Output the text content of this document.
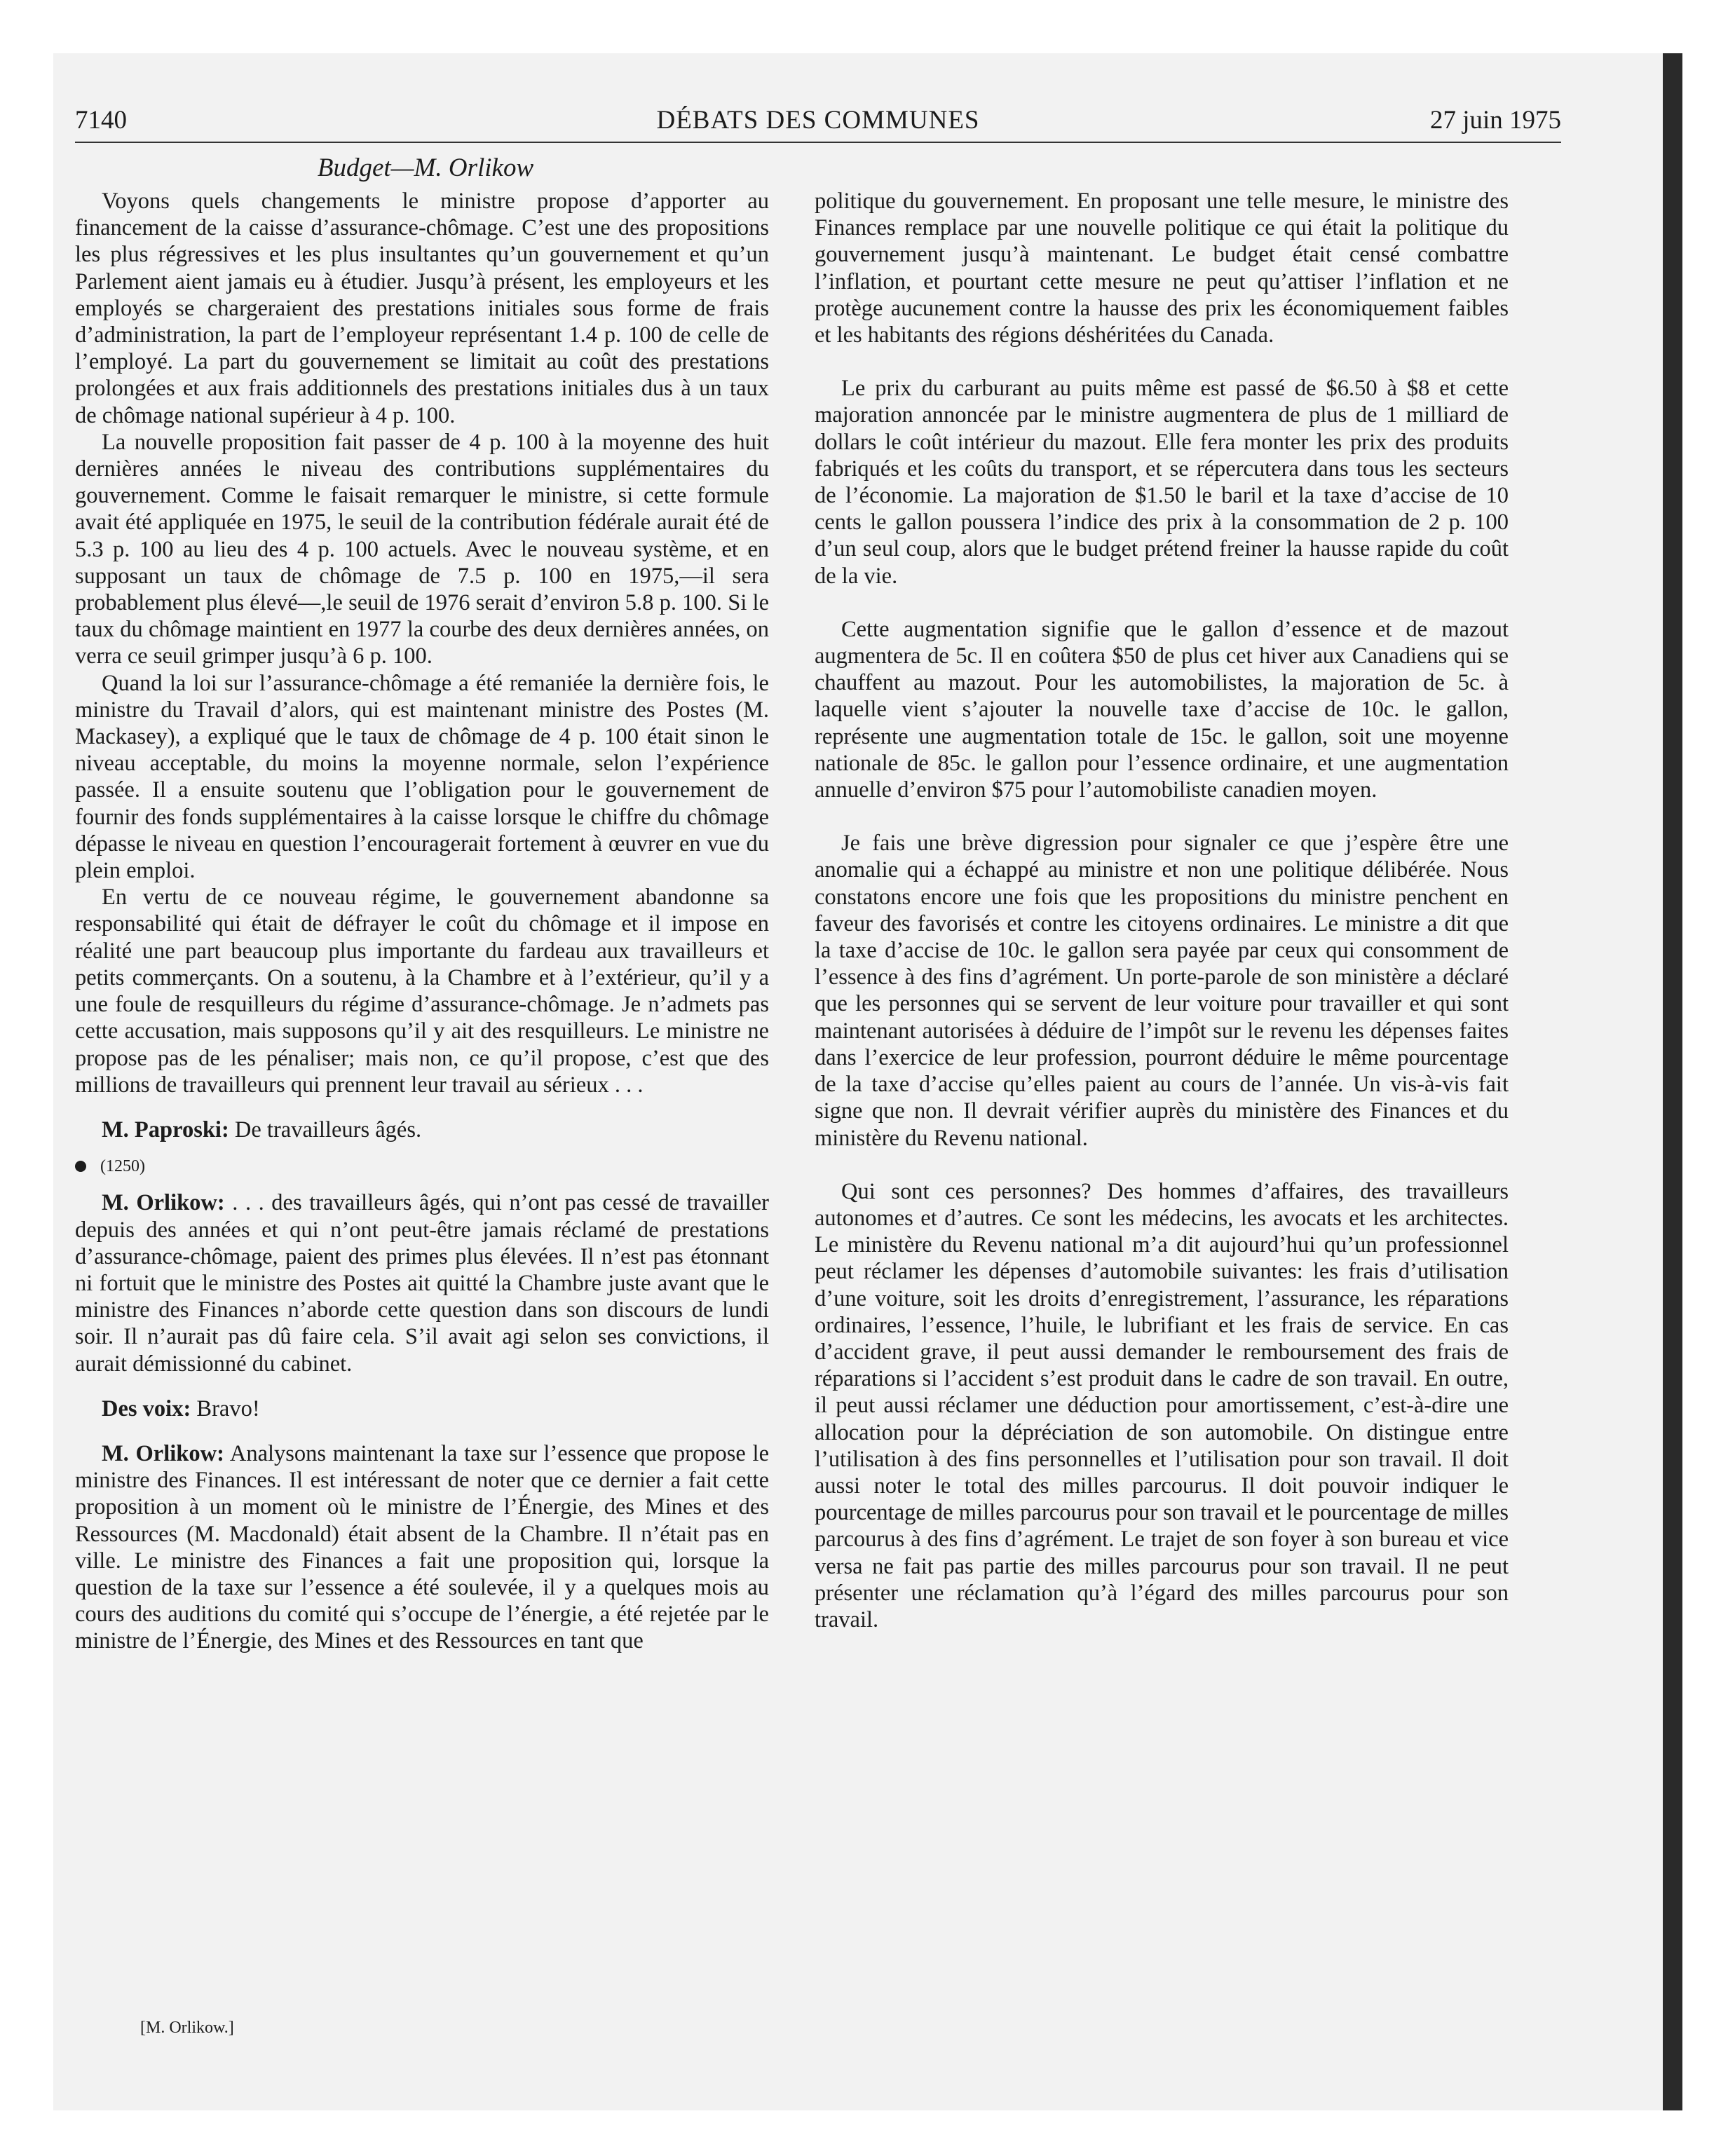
7140	DÉBATS DES COMMUNES	27 juin 1975
Budget—M. Orlikow

Voyons quels changements le ministre propose d’apporter au financement de la caisse d’assurance-chômage. C’est une des propositions les plus régressives et les plus insultantes qu’un gouvernement et qu’un Parlement aient jamais eu à étudier. Jusqu’à présent, les employeurs et les employés se chargeraient des prestations initiales sous forme de frais d’administration, la part de l’employeur représentant 1.4 p. 100 de celle de l’employé. La part du gouvernement se limitait au coût des prestations prolongées et aux frais additionnels des prestations initiales dus à un taux de chômage national supérieur à 4 p. 100.

La nouvelle proposition fait passer de 4 p. 100 à la moyenne des huit dernières années le niveau des contributions supplémentaires du gouvernement. Comme le faisait remarquer le ministre, si cette formule avait été appliquée en 1975, le seuil de la contribution fédérale aurait été de 5.3 p. 100 au lieu des 4 p. 100 actuels. Avec le nouveau système, et en supposant un taux de chômage de 7.5 p. 100 en 1975,—il sera probablement plus élevé—,le seuil de 1976 serait d’environ 5.8 p. 100. Si le taux du chômage maintient en 1977 la courbe des deux dernières années, on verra ce seuil grimper jusqu’à 6 p. 100.

Quand la loi sur l’assurance-chômage a été remaniée la dernière fois, le ministre du Travail d’alors, qui est maintenant ministre des Postes (M. Mackasey), a expliqué que le taux de chômage de 4 p. 100 était sinon le niveau acceptable, du moins la moyenne normale, selon l’expérience passée. Il a ensuite soutenu que l’obligation pour le gouvernement de fournir des fonds supplémentaires à la caisse lorsque le chiffre du chômage dépasse le niveau en question l’encouragerait fortement à œuvrer en vue du plein emploi.

En vertu de ce nouveau régime, le gouvernement abandonne sa responsabilité qui était de défrayer le coût du chômage et il impose en réalité une part beaucoup plus importante du fardeau aux travailleurs et petits commerçants. On a soutenu, à la Chambre et à l’extérieur, qu’il y a une foule de resquilleurs du régime d’assurance-chômage. Je n’admets pas cette accusation, mais supposons qu’il y ait des resquilleurs. Le ministre ne propose pas de les pénaliser; mais non, ce qu’il propose, c’est que des millions de travailleurs qui prennent leur travail au sérieux . . .

M. Paproski: De travailleurs âgés.

(1250)

M. Orlikow: . . . des travailleurs âgés, qui n’ont pas cessé de travailler depuis des années et qui n’ont peut-être jamais réclamé de prestations d’assurance-chômage, paient des primes plus élevées. Il n’est pas étonnant ni fortuit que le ministre des Postes ait quitté la Chambre juste avant que le ministre des Finances n’aborde cette question dans son discours de lundi soir. Il n’aurait pas dû faire cela. S’il avait agi selon ses convictions, il aurait démissionné du cabinet.

Des voix: Bravo!

M. Orlikow: Analysons maintenant la taxe sur l’essence que propose le ministre des Finances. Il est intéressant de noter que ce dernier a fait cette proposition à un moment où le ministre de l’Énergie, des Mines et des Ressources (M. Macdonald) était absent de la Chambre. Il n’était pas en ville. Le ministre des Finances a fait une proposition qui, lorsque la question de la taxe sur l’essence a été soulevée, il y a quelques mois au cours des auditions du comité qui s’occupe de l’énergie, a été rejetée par le ministre de l’Énergie, des Mines et des Ressources en tant que

[M. Orlikow.]

politique du gouvernement. En proposant une telle mesure, le ministre des Finances remplace par une nouvelle politique ce qui était la politique du gouvernement jusqu’à maintenant. Le budget était censé combattre l’inflation, et pourtant cette mesure ne peut qu’attiser l’inflation et ne protège aucunement contre la hausse des prix les économiquement faibles et les habitants des régions déshéritées du Canada.

Le prix du carburant au puits même est passé de $6.50 à $8 et cette majoration annoncée par le ministre augmentera de plus de 1 milliard de dollars le coût intérieur du mazout. Elle fera monter les prix des produits fabriqués et les coûts du transport, et se répercutera dans tous les secteurs de l’économie. La majoration de $1.50 le baril et la taxe d’accise de 10 cents le gallon poussera l’indice des prix à la consommation de 2 p. 100 d’un seul coup, alors que le budget prétend freiner la hausse rapide du coût de la vie.

Cette augmentation signifie que le gallon d’essence et de mazout augmentera de 5c. Il en coûtera $50 de plus cet hiver aux Canadiens qui se chauffent au mazout. Pour les automobilistes, la majoration de 5c. à laquelle vient s’ajouter la nouvelle taxe d’accise de 10c. le gallon, représente une augmentation totale de 15c. le gallon, soit une moyenne nationale de 85c. le gallon pour l’essence ordinaire, et une augmentation annuelle d’environ $75 pour l’automobiliste canadien moyen.

Je fais une brève digression pour signaler ce que j’espère être une anomalie qui a échappé au ministre et non une politique délibérée. Nous constatons encore une fois que les propositions du ministre penchent en faveur des favorisés et contre les citoyens ordinaires. Le ministre a dit que la taxe d’accise de 10c. le gallon sera payée par ceux qui consomment de l’essence à des fins d’agrément. Un porte-parole de son ministère a déclaré que les personnes qui se servent de leur voiture pour travailler et qui sont maintenant autorisées à déduire de l’impôt sur le revenu les dépenses faites dans l’exercice de leur profession, pourront déduire le même pourcentage de la taxe d’accise qu’elles paient au cours de l’année. Un vis-à-vis fait signe que non. Il devrait vérifier auprès du ministère des Finances et du ministère du Revenu national.

Qui sont ces personnes? Des hommes d’affaires, des travailleurs autonomes et d’autres. Ce sont les médecins, les avocats et les architectes. Le ministère du Revenu national m’a dit aujourd’hui qu’un professionnel peut réclamer les dépenses d’automobile suivantes: les frais d’utilisation d’une voiture, soit les droits d’enregistrement, l’assurance, les réparations ordinaires, l’essence, l’huile, le lubrifiant et les frais de service. En cas d’accident grave, il peut aussi demander le remboursement des frais de réparations si l’accident s’est produit dans le cadre de son travail. En outre, il peut aussi réclamer une déduction pour amortissement, c’est-à-dire une allocation pour la dépréciation de son automobile. On distingue entre l’utilisation à des fins personnelles et l’utilisation pour son travail. Il doit aussi noter le total des milles parcourus. Il doit pouvoir indiquer le pourcentage de milles parcourus pour son travail et le pourcentage de milles parcourus à des fins d’agrément. Le trajet de son foyer à son bureau et vice versa ne fait pas partie des milles parcourus pour son travail. Il ne peut présenter une réclamation qu’à l’égard des milles parcourus pour son travail.
